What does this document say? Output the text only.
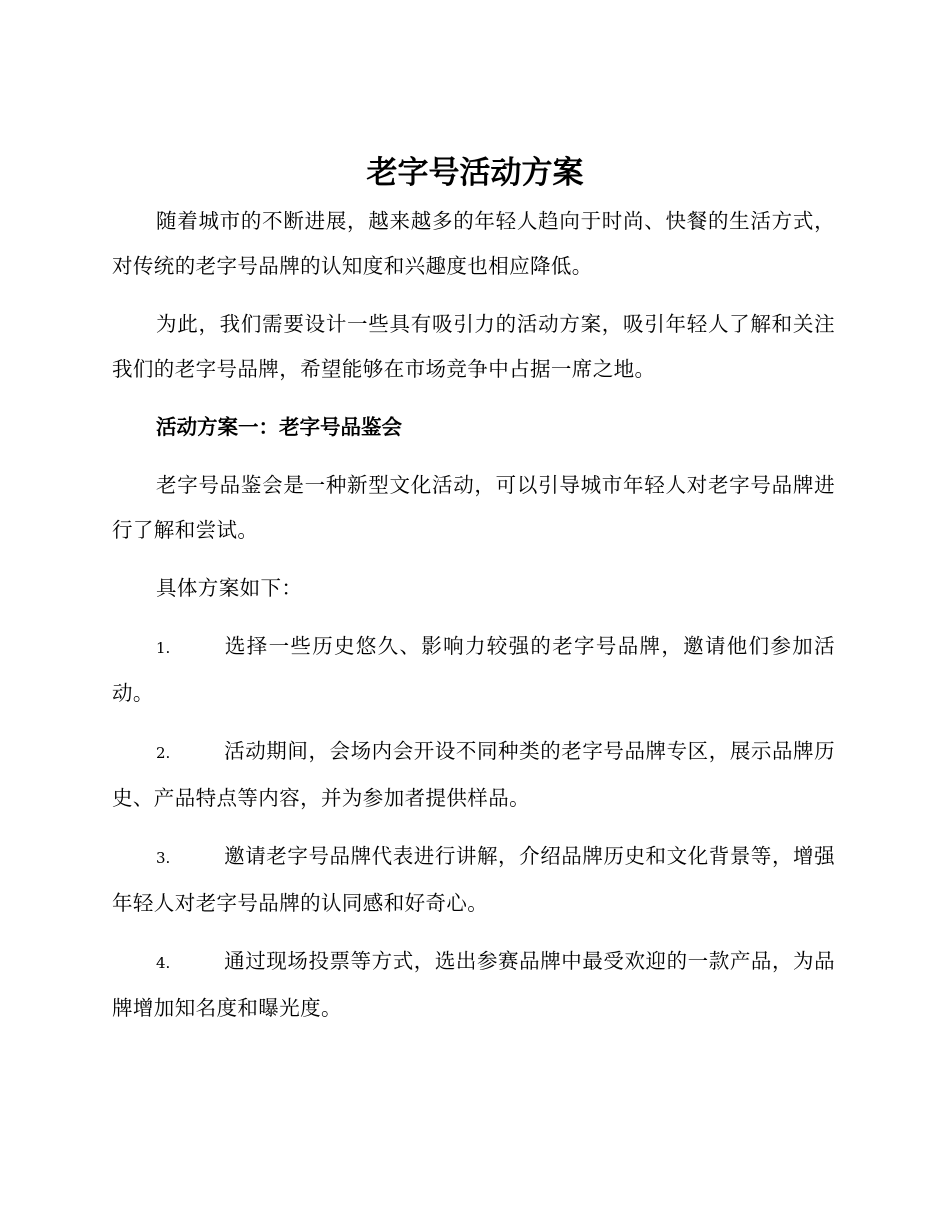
老字号活动方案

随着城市的不断进展，越来越多的年轻人趋向于时尚、快餐的生活方式，对传统的老字号品牌的认知度和兴趣度也相应降低。

为此，我们需要设计一些具有吸引力的活动方案，吸引年轻人了解和关注我们的老字号品牌，希望能够在市场竞争中占据一席之地。

活动方案一：老字号品鉴会

老字号品鉴会是一种新型文化活动，可以引导城市年轻人对老字号品牌进行了解和尝试。

具体方案如下：

1.	选择一些历史悠久、影响力较强的老字号品牌，邀请他们参加活动。

2.	活动期间，会场内会开设不同种类的老字号品牌专区，展示品牌历史、产品特点等内容，并为参加者提供样品。

3.	邀请老字号品牌代表进行讲解，介绍品牌历史和文化背景等，增强年轻人对老字号品牌的认同感和好奇心。

4.	通过现场投票等方式，选出参赛品牌中最受欢迎的一款产品，为品牌增加知名度和曝光度。
